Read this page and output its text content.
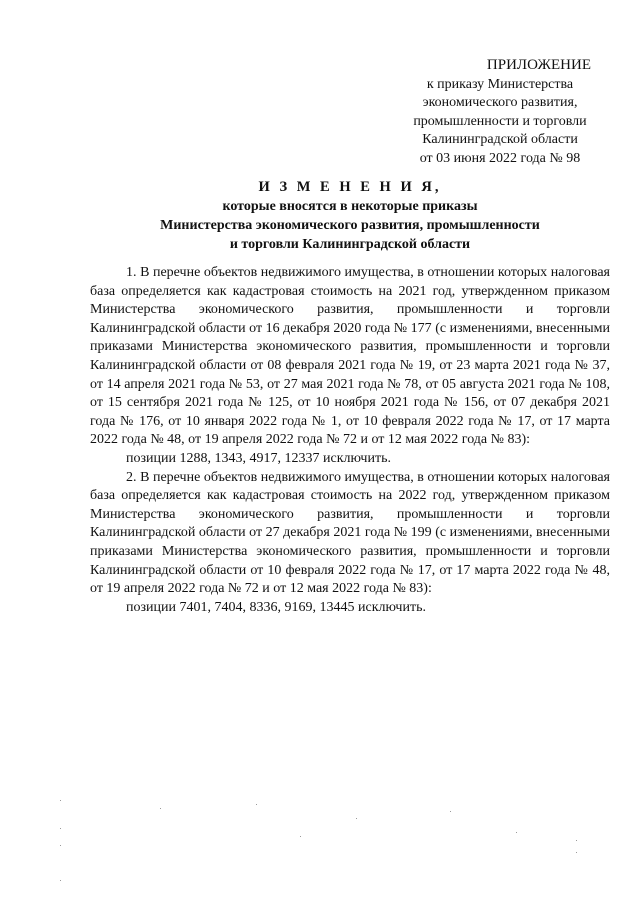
ПРИЛОЖЕНИЕ
к приказу Министерства
экономического развития,
промышленности и торговли
Калининградской области
от 03 июня 2022 года № 98
И З М Е Н Е Н И Я,
которые вносятся в некоторые приказы
Министерства экономического развития, промышленности
и торговли Калининградской области

1. В перечне объектов недвижимого имущества, в отношении которых налоговая база определяется как кадастровая стоимость на 2021 год, утвержденном приказом Министерства экономического развития, промышленности и торговли Калининградской области от 16 декабря 2020 года № 177 (с изменениями, внесенными приказами Министерства экономического развития, промышленности и торговли Калининградской области от 08 февраля 2021 года № 19, от 23 марта 2021 года № 37, от 14 апреля 2021 года № 53, от 27 мая 2021 года № 78, от 05 августа 2021 года № 108, от 15 сентября 2021 года № 125, от 10 ноября 2021 года № 156, от 07 декабря 2021 года № 176, от 10 января 2022 года № 1, от 10 февраля 2022 года № 17, от 17 марта 2022 года № 48, от 19 апреля 2022 года № 72 и от 12 мая 2022 года № 83):

позиции 1288, 1343, 4917, 12337 исключить.

2. В перечне объектов недвижимого имущества, в отношении которых налоговая база определяется как кадастровая стоимость на 2022 год, утвержденном приказом Министерства экономического развития, промышленности и торговли Калининградской области от 27 декабря 2021 года № 199 (с изменениями, внесенными приказами Министерства экономического развития, промышленности и торговли Калининградской области от 10 февраля 2022 года № 17, от 17 марта 2022 года № 48, от 19 апреля 2022 года № 72 и от 12 мая 2022 года № 83):

позиции 7401, 7404, 8336, 9169, 13445 исключить.
